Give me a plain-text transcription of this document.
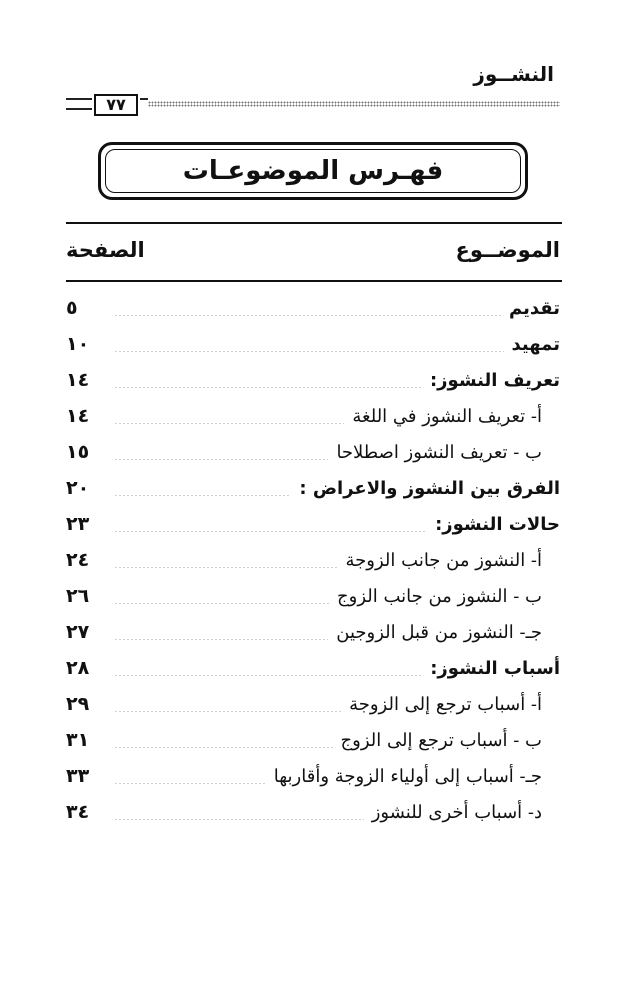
النشــوز
٧٧
فهـرس الموضوعـات
الموضــوع
الصفحة
تقديم
٥
تمهيد
١٠
تعريف النشوز:
١٤
أ- تعريف النشوز في اللغة
١٤
ب - تعريف النشوز اصطلاحا
١٥
الفرق بين النشوز والاعراض :
٢٠
حالات النشوز:
٢٣
أ- النشوز من جانب الزوجة
٢٤
ب - النشوز من جانب الزوج
٢٦
جـ- النشوز من قبل الزوجين
٢٧
أسباب النشوز:
٢٨
أ- أسباب ترجع إلى الزوجة
٢٩
ب - أسباب ترجع إلى الزوج
٣١
جـ- أسباب إلى أولياء الزوجة وأقاربها
٣٣
د- أسباب أخرى للنشوز
٣٤
